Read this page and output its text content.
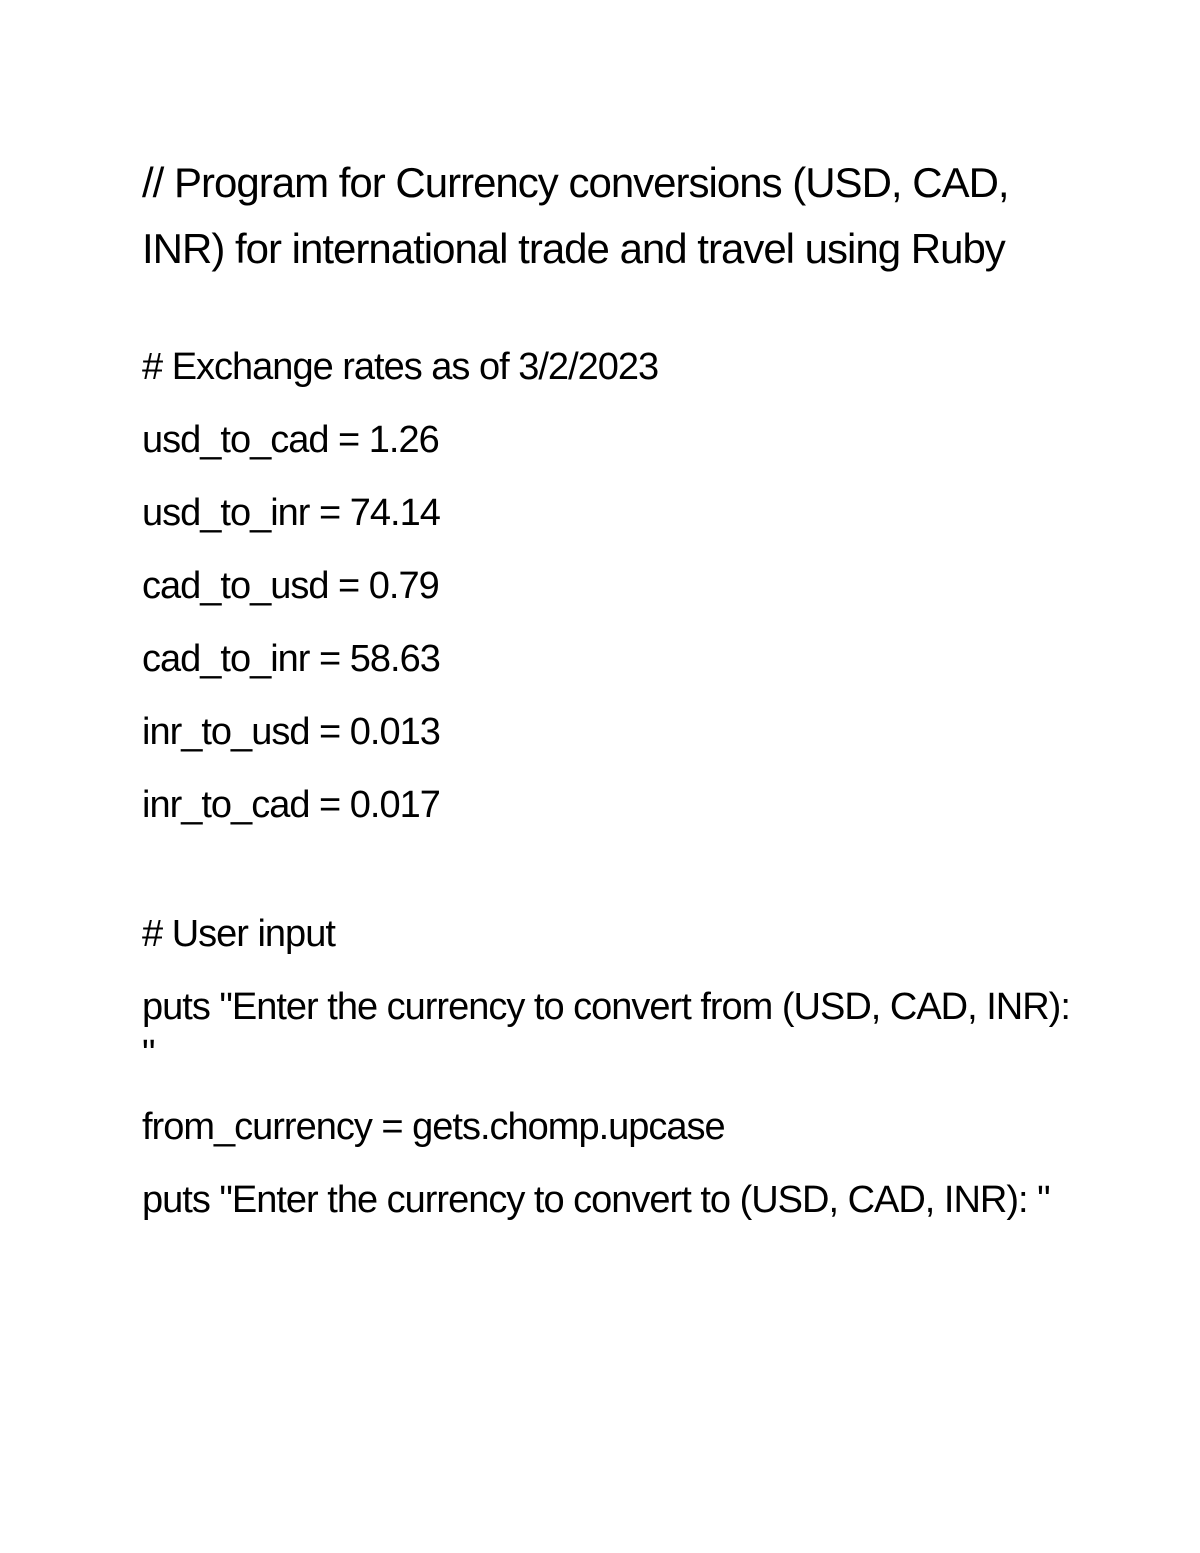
// Program for Currency conversions (USD, CAD, INR) for international trade and travel using Ruby

# Exchange rates as of 3/2/2023

usd_to_cad = 1.26

usd_to_inr = 74.14

cad_to_usd = 0.79

cad_to_inr = 58.63

inr_to_usd = 0.013

inr_to_cad = 0.017

# User input

puts "Enter the currency to convert from (USD, CAD, INR): "

from_currency = gets.chomp.upcase

puts "Enter the currency to convert to (USD, CAD, INR): "
